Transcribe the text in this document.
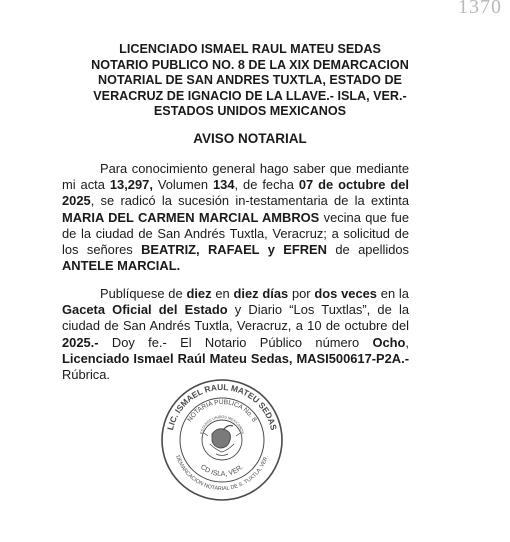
1370
LICENCIADO ISMAEL RAUL MATEU SEDAS
NOTARIO PUBLICO NO. 8 DE LA XIX DEMARCACION
NOTARIAL DE SAN ANDRES TUXTLA, ESTADO DE
VERACRUZ DE IGNACIO DE LA LLAVE.- ISLA, VER.-
ESTADOS UNIDOS MEXICANOS
AVISO NOTARIAL
Para conocimiento general hago saber que mediante mi acta 13,297, Volumen 134, de fecha 07 de octubre del 2025, se radicó la sucesión in-testamentaria de la extinta MARIA DEL CARMEN MARCIAL AMBROS vecina que fue de la ciudad de San Andrés Tuxtla, Veracruz; a solicitud de los señores BEATRIZ, RAFAEL y EFREN de apellidos ANTELE MARCIAL.
Publíquese de diez en diez días por dos veces en la Gaceta Oficial del Estado y Diario “Los Tuxtlas”, de la ciudad de San Andrés Tuxtla, Veracruz, a 10 de octubre del 2025.- Doy fe.- El Notario Público número Ocho, Licenciado Ismael Raúl Mateu Sedas, MASI500617-P2A.- Rúbrica.
LIC. ISMAEL RAUL MATEU SEDAS
NOTARIA PUBLICA No. 8
DEMARCACION NOTARIAL DE S. TUXTLA, VER.
CD ISLA, VER.
ESTADOS UNIDOS MEXICANOS
